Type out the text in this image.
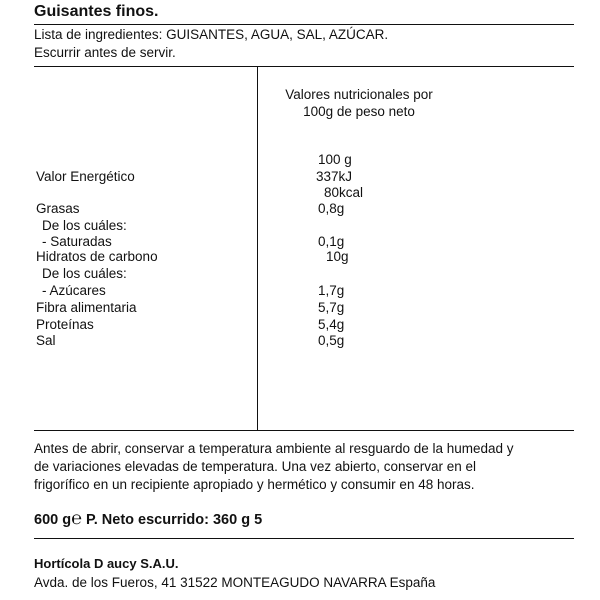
Guisantes finos.
Lista de ingredientes: GUISANTES, AGUA, SAL, AZÚCAR.
Escurrir antes de servir.
Valores nutricionales por
100g de peso neto
100 g
Valor Energético	337kJ
80kcal
Grasas	0,8g
De los cuáles:
- Saturadas	0,1g
Hidratos de carbono	10g
De los cuáles:
- Azúcares	1,7g
Fibra alimentaria	5,7g
Proteínas	5,4g
Sal	0,5g
Antes de abrir, conservar a temperatura ambiente al resguardo de la humedad y
de variaciones elevadas de temperatura. Una vez abierto, conservar en el
frigorífico en un recipiente apropiado y hermético y consumir en 48 horas.
600 g℮ P. Neto escurrido: 360 g 5
Hortícola D aucy S.A.U.
Avda. de los Fueros, 41 31522 MONTEAGUDO NAVARRA España
